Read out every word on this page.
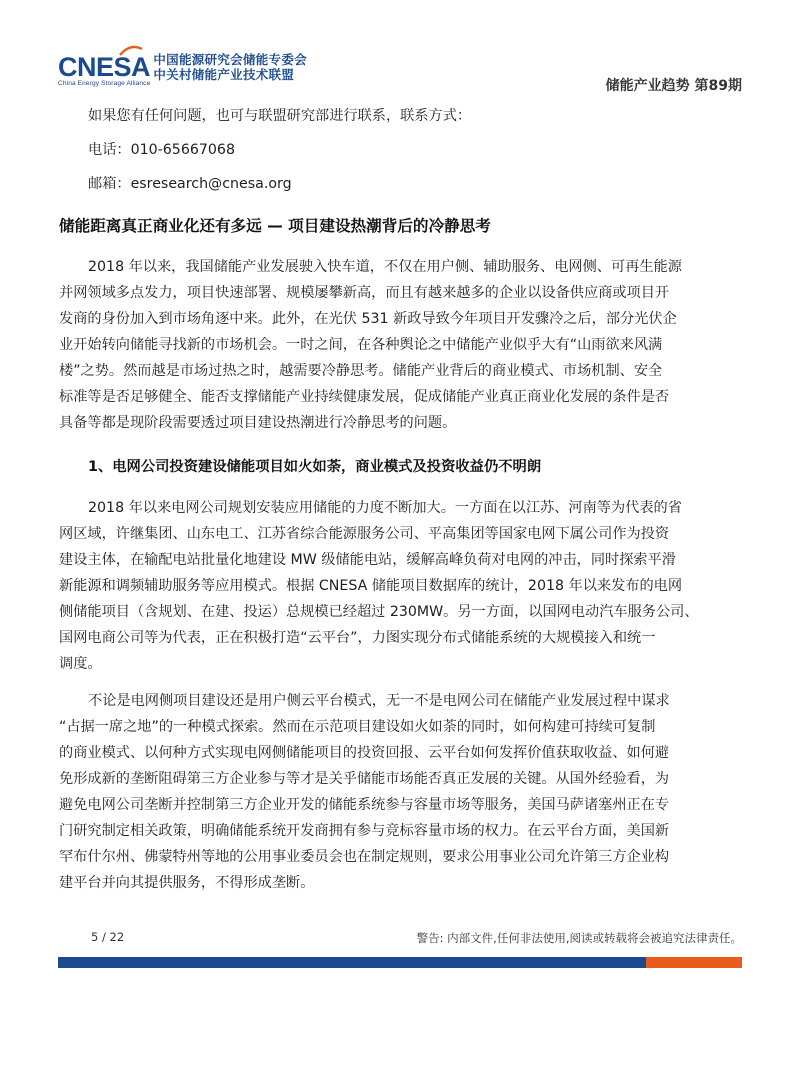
CNESA
China Energy Storage Alliance
中国能源研究会储能专委会
中关村储能产业技术联盟
储能产业趋势 第89期
如果您有任何问题，也可与联盟研究部进行联系，联系方式：
电话：010-65667068
邮箱：esresearch@cnesa.org
储能距离真正商业化还有多远 — 项目建设热潮背后的冷静思考
2018 年以来，我国储能产业发展驶入快车道，不仅在用户侧、辅助服务、电网侧、可再生能源
并网领域多点发力，项目快速部署、规模屡攀新高，而且有越来越多的企业以设备供应商或项目开
发商的身份加入到市场角逐中来。此外，在光伏 531 新政导致今年项目开发骤冷之后，部分光伏企
业开始转向储能寻找新的市场机会。一时之间，在各种舆论之中储能产业似乎大有“山雨欲来风满
楼”之势。然而越是市场过热之时，越需要冷静思考。储能产业背后的商业模式、市场机制、安全
标准等是否足够健全、能否支撑储能产业持续健康发展，促成储能产业真正商业化发展的条件是否
具备等都是现阶段需要透过项目建设热潮进行冷静思考的问题。
1、电网公司投资建设储能项目如火如荼，商业模式及投资收益仍不明朗
2018 年以来电网公司规划安装应用储能的力度不断加大。一方面在以江苏、河南等为代表的省
网区域，许继集团、山东电工、江苏省综合能源服务公司、平高集团等国家电网下属公司作为投资
建设主体，在输配电站批量化地建设 MW 级储能电站，缓解高峰负荷对电网的冲击，同时探索平滑
新能源和调频辅助服务等应用模式。根据 CNESA 储能项目数据库的统计，2018 年以来发布的电网
侧储能项目（含规划、在建、投运）总规模已经超过 230MW。另一方面，以国网电动汽车服务公司、
国网电商公司等为代表，正在积极打造“云平台”，力图实现分布式储能系统的大规模接入和统一
调度。
不论是电网侧项目建设还是用户侧云平台模式，无一不是电网公司在储能产业发展过程中谋求
“占据一席之地”的一种模式探索。然而在示范项目建设如火如荼的同时，如何构建可持续可复制
的商业模式、以何种方式实现电网侧储能项目的投资回报、云平台如何发挥价值获取收益、如何避
免形成新的垄断阻碍第三方企业参与等才是关乎储能市场能否真正发展的关键。从国外经验看，为
避免电网公司垄断并控制第三方企业开发的储能系统参与容量市场等服务，美国马萨诸塞州正在专
门研究制定相关政策，明确储能系统开发商拥有参与竞标容量市场的权力。在云平台方面，美国新
罕布什尔州、佛蒙特州等地的公用事业委员会也在制定规则，要求公用事业公司允许第三方企业构
建平台并向其提供服务，不得形成垄断。
5 / 22	警告: 内部文件,任何非法使用,阅读或转载将会被追究法律责任。
